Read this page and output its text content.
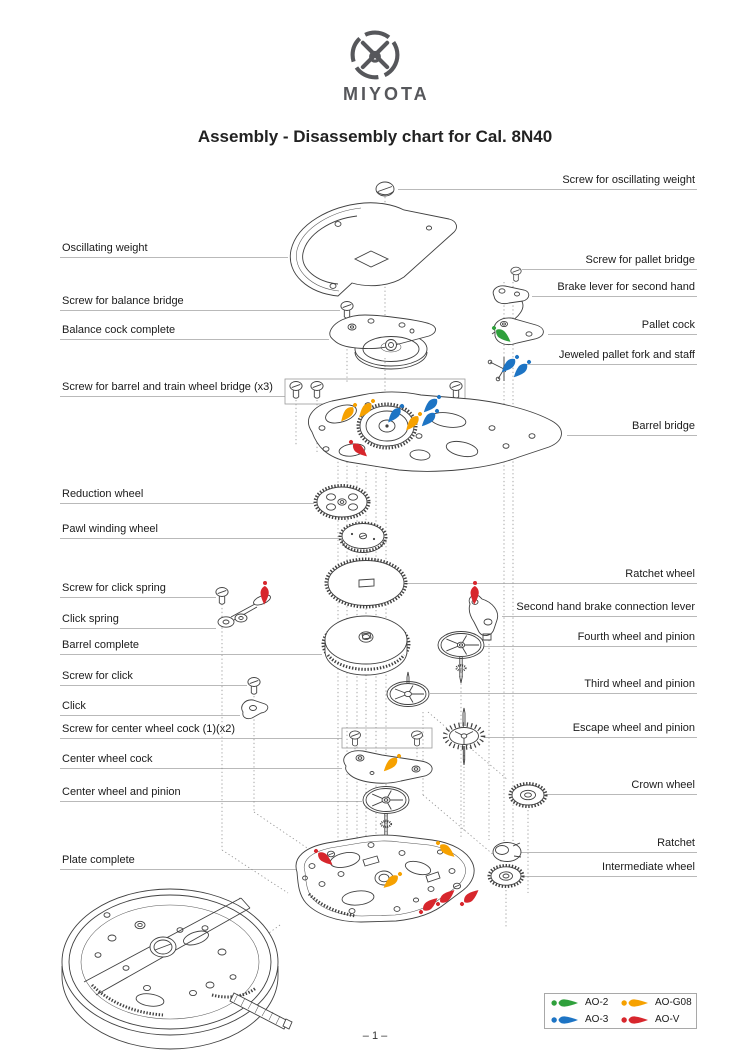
MIYOTA
Assembly - Disassembly chart for Cal. 8N40
Oscillating weight
Screw for balance bridge
Balance cock complete
Screw for barrel and train wheel bridge (x3)
Reduction wheel
Pawl winding wheel
Screw for click spring
Click spring
Barrel complete
Screw for click
Click
Screw for center wheel cock (1)(x2)
Center wheel cock
Center wheel and pinion
Plate complete
Screw for oscillating weight
Screw for pallet bridge
Brake lever for second hand
Pallet cock
Jeweled pallet fork and staff
Barrel bridge
Ratchet wheel
Second hand brake connection lever
Fourth wheel and pinion
Third wheel and pinion
Escape wheel and pinion
Crown wheel
Ratchet
Intermediate wheel
AO-2	AO-G08
AO-3	AO-V
– 1 –
